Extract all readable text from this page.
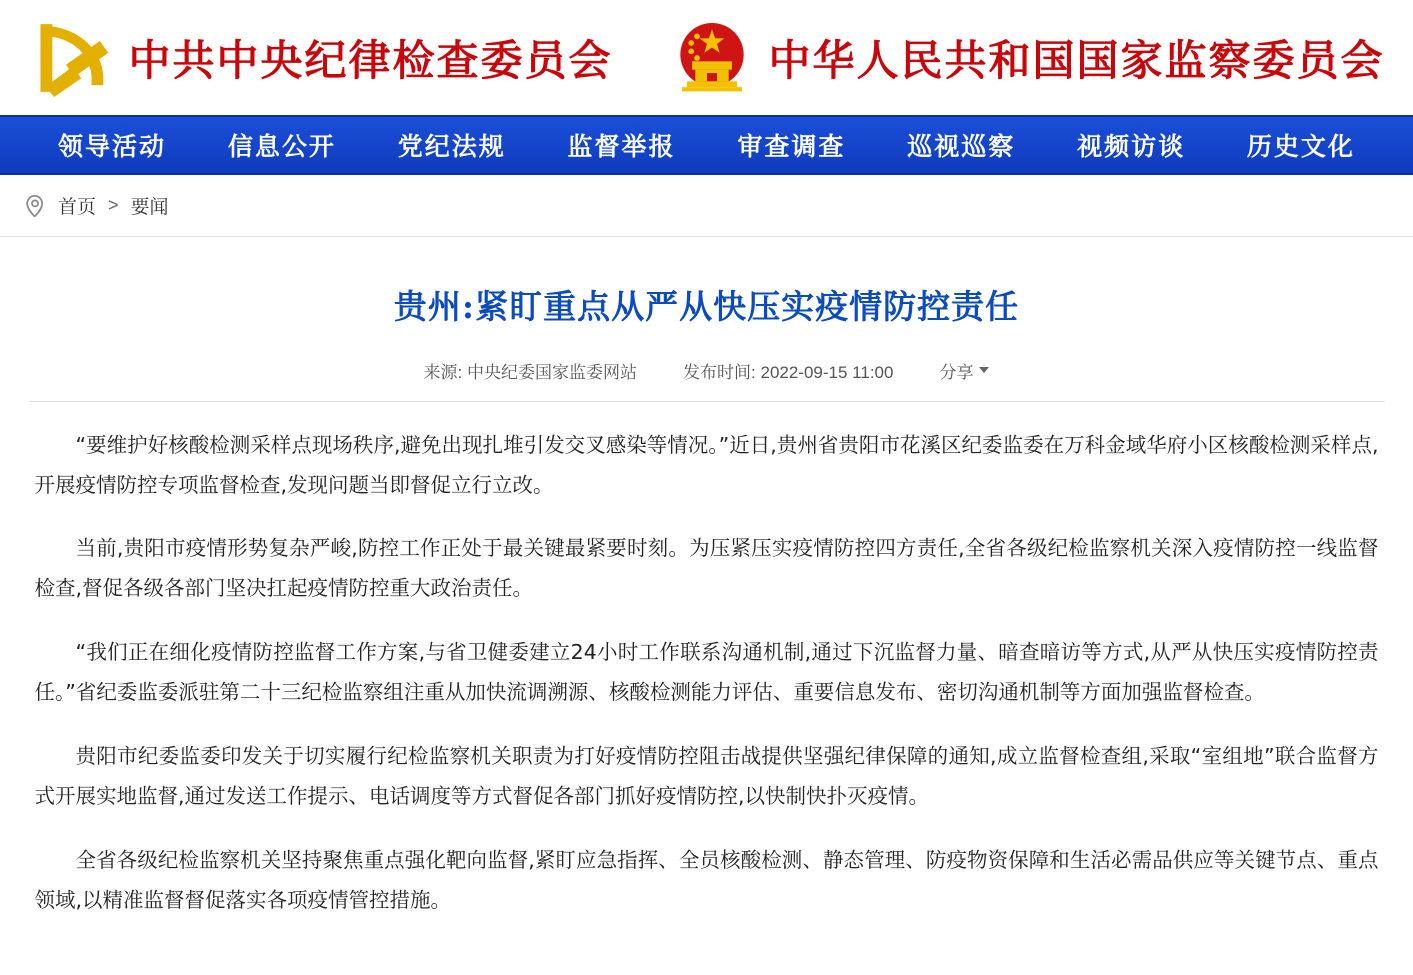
中共中央纪律检查委员会	中华人民共和国国家监察委员会
领导活动 信息公开 党纪法规 监督举报 审查调查 巡视巡察 视频访谈 历史文化
首页 > 要闻
贵州:紧盯重点从严从快压实疫情防控责任
来源: 中央纪委国家监委网站	发布时间: 2022-09-15 11:00	分享

“要维护好核酸检测采样点现场秩序,避免出现扎堆引发交叉感染等情况。”近日,贵州省贵阳市花溪区纪委监委在万科金域华府小区核酸检测采样点,开展疫情防控专项监督检查,发现问题当即督促立行立改。

当前,贵阳市疫情形势复杂严峻,防控工作正处于最关键最紧要时刻。为压紧压实疫情防控四方责任,全省各级纪检监察机关深入疫情防控一线监督检查,督促各级各部门坚决扛起疫情防控重大政治责任。

“我们正在细化疫情防控监督工作方案,与省卫健委建立24小时工作联系沟通机制,通过下沉监督力量、暗查暗访等方式,从严从快压实疫情防控责任。”省纪委监委派驻第二十三纪检监察组注重从加快流调溯源、核酸检测能力评估、重要信息发布、密切沟通机制等方面加强监督检查。

贵阳市纪委监委印发关于切实履行纪检监察机关职责为打好疫情防控阻击战提供坚强纪律保障的通知,成立监督检查组,采取“室组地”联合监督方式开展实地监督,通过发送工作提示、电话调度等方式督促各部门抓好疫情防控,以快制快扑灭疫情。

全省各级纪检监察机关坚持聚焦重点强化靶向监督,紧盯应急指挥、全员核酸检测、静态管理、防疫物资保障和生活必需品供应等关键节点、重点领域,以精准监督督促落实各项疫情管控措施。
